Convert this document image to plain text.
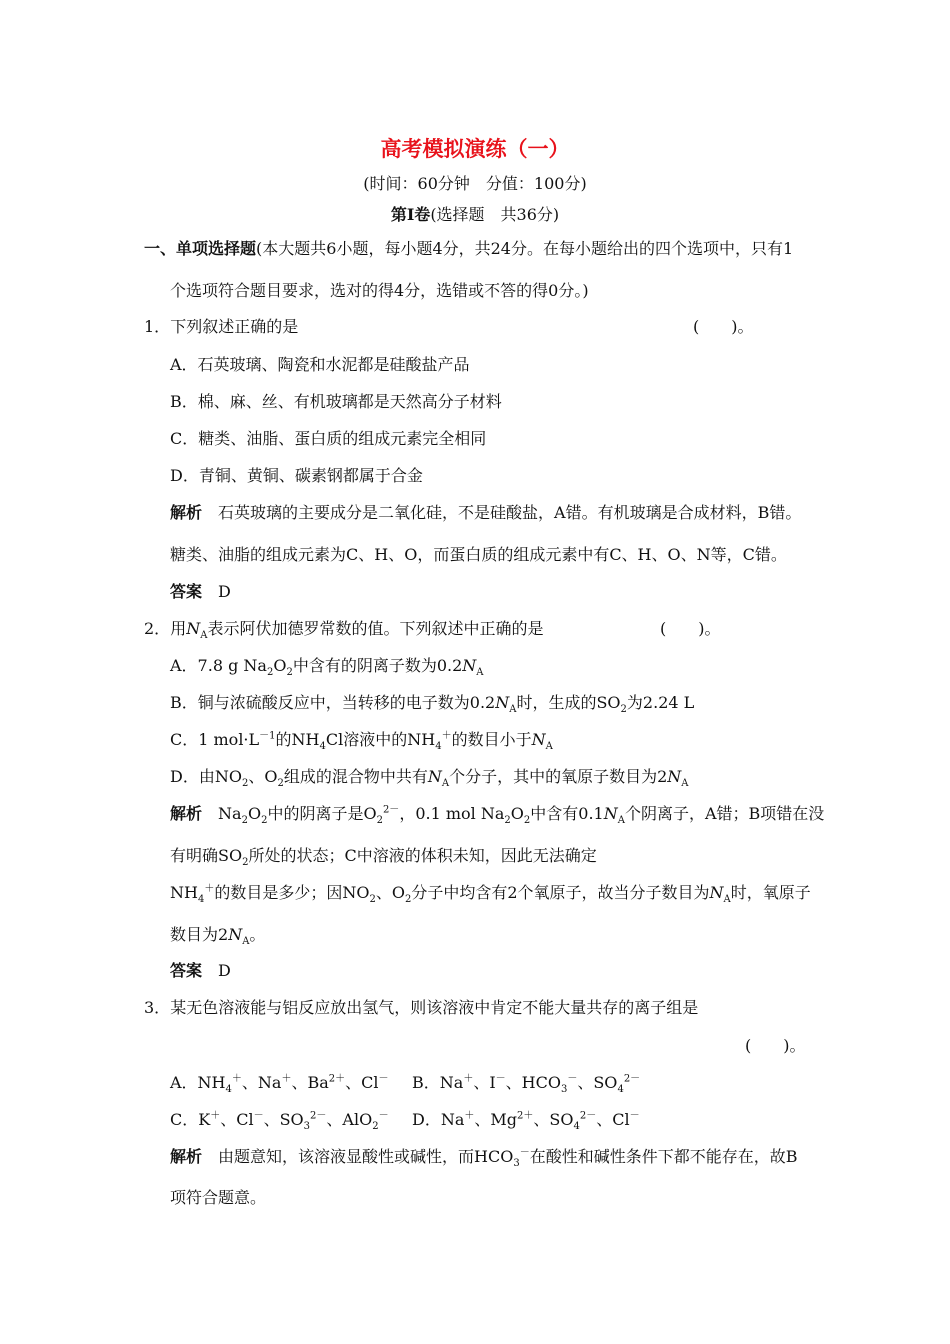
高考模拟演练（一）
(时间：60分钟　分值：100分)
第Ⅰ卷(选择题　共36分)
一、单项选择题(本大题共6小题，每小题4分，共24分。在每小题给出的四个选项中，只有1
个选项符合题目要求，选对的得4分，选错或不答的得0分。)
1．下列叙述正确的是	(　　)。
A．石英玻璃、陶瓷和水泥都是硅酸盐产品
B．棉、麻、丝、有机玻璃都是天然高分子材料
C．糖类、油脂、蛋白质的组成元素完全相同
D．青铜、黄铜、碳素钢都属于合金
解析　 石英玻璃的主要成分是二氧化硅，不是硅酸盐，A错。有机玻璃是合成材料，B错。
糖类、油脂的组成元素为C、H、O，而蛋白质的组成元素中有C、H、O、N等，C错。
答案　 D
2．用$N_A$表示阿伏加德罗常数的值。下列叙述中正确的是	(　　)。
A．7.8 g $Na_2O_2$中含有的阴离子数为$0.2N_A$
B．铜与浓硫酸反应中，当转移的电子数为$0.2N_A$时，生成的$SO_2$为2.24 L
C．1 $mol\cdot L^{-1}$的$NH_4Cl$溶液中的$NH_4^+$的数目小于$N_A$
D．由$NO_2$、$O_2$组成的混合物中共有$N_A$个分子，其中的氧原子数目为$2N_A$
解析　$Na_2O_2$中的阴离子是$O_2^{2-}$，0.1 mol $Na_2O_2$中含有$0.1N_A$个阴离子，A错；B项错在没
有明确$SO_2$所处的状态；C中溶液的体积未知，因此无法确定
$NH_4^+$的数目是多少；因$NO_2$、$O_2$分子中均含有2个氧原子，故当分子数目为$N_A$时，氧原子
数目为$2N_A$。
答案　 D
3．某无色溶液能与铝反应放出氢气，则该溶液中肯定不能大量共存的离子组是
(　　)。
A．$NH_4^+$、Na＋、$Ba^{2+}$、Cl－ B．Na＋、I－、$HCO_3^-$、$SO_4^{2-}$
C．K＋、Cl－、$SO_3^{2-}$、AlO$_2$－ D．Na＋、$Mg^{2+}$、$SO_4^{2-}$、Cl－
解析　 由题意知，该溶液显酸性或碱性，而$HCO_3^-$在酸性和碱性条件下都不能存在，故B
项符合题意。
